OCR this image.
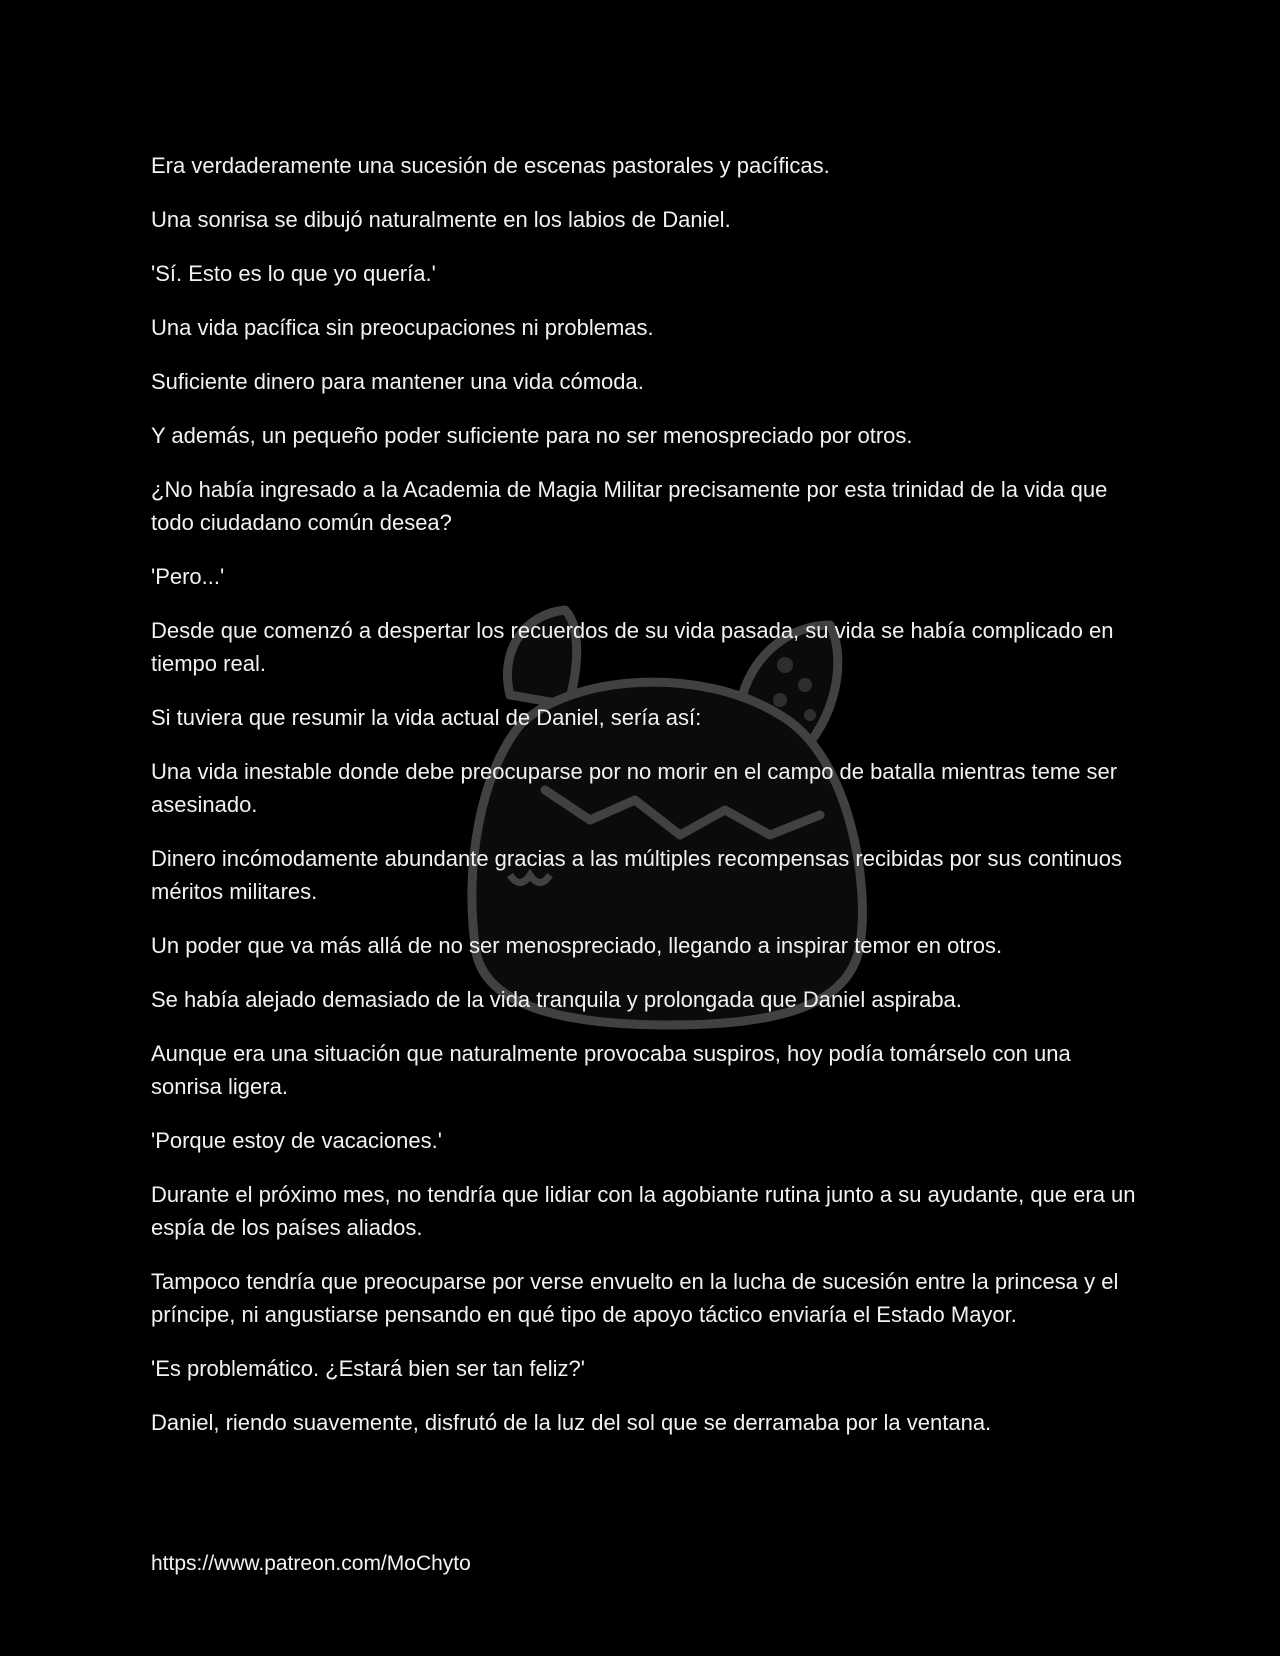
Era verdaderamente una sucesión de escenas pastorales y pacíficas.

Una sonrisa se dibujó naturalmente en los labios de Daniel.

'Sí. Esto es lo que yo quería.'

Una vida pacífica sin preocupaciones ni problemas.

Suficiente dinero para mantener una vida cómoda.

Y además, un pequeño poder suficiente para no ser menospreciado por otros.

¿No había ingresado a la Academia de Magia Militar precisamente por esta trinidad de la vida que todo ciudadano común desea?

'Pero...'

Desde que comenzó a despertar los recuerdos de su vida pasada, su vida se había complicado en tiempo real.

Si tuviera que resumir la vida actual de Daniel, sería así:

Una vida inestable donde debe preocuparse por no morir en el campo de batalla mientras teme ser asesinado.

Dinero incómodamente abundante gracias a las múltiples recompensas recibidas por sus continuos méritos militares.

Un poder que va más allá de no ser menospreciado, llegando a inspirar temor en otros.

Se había alejado demasiado de la vida tranquila y prolongada que Daniel aspiraba.

Aunque era una situación que naturalmente provocaba suspiros, hoy podía tomárselo con una sonrisa ligera.

'Porque estoy de vacaciones.'

Durante el próximo mes, no tendría que lidiar con la agobiante rutina junto a su ayudante, que era un espía de los países aliados.

Tampoco tendría que preocuparse por verse envuelto en la lucha de sucesión entre la princesa y el príncipe, ni angustiarse pensando en qué tipo de apoyo táctico enviaría el Estado Mayor.

'Es problemático. ¿Estará bien ser tan feliz?'

Daniel, riendo suavemente, disfrutó de la luz del sol que se derramaba por la ventana.

https://www.patreon.com/MoChyto
